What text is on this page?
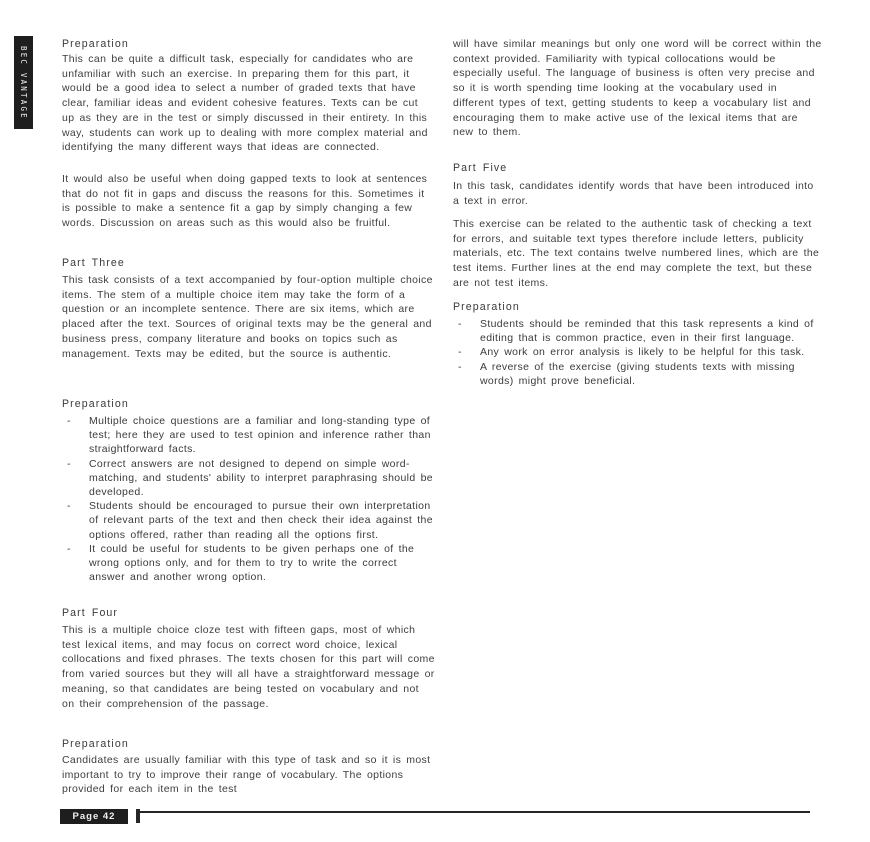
BEC VANTAGE
Preparation
This can be quite a difficult task, especially for candidates who are unfamiliar with such an exercise. In preparing them for this part, it would be a good idea to select a number of graded texts that have clear, familiar ideas and evident cohesive features. Texts can be cut up as they are in the test or simply discussed in their entirety. In this way, students can work up to dealing with more complex material and identifying the many different ways that ideas are connected.
It would also be useful when doing gapped texts to look at sentences that do not fit in gaps and discuss the reasons for this. Sometimes it is possible to make a sentence fit a gap by simply changing a few words. Discussion on areas such as this would also be fruitful.
Part Three
This task consists of a text accompanied by four-option multiple choice items. The stem of a multiple choice item may take the form of a question or an incomplete sentence. There are six items, which are placed after the text. Sources of original texts may be the general and business press, company literature and books on topics such as management. Texts may be edited, but the source is authentic.
Preparation
-	Multiple choice questions are a familiar and long-standing type of test; here they are used to test opinion and inference rather than straightforward facts.
-	Correct answers are not designed to depend on simple word-matching, and students' ability to interpret paraphrasing should be developed.
-	Students should be encouraged to pursue their own interpretation of relevant parts of the text and then check their idea against the options offered, rather than reading all the options first.
-	It could be useful for students to be given perhaps one of the wrong options only, and for them to try to write the correct answer and another wrong option.
Part Four
This is a multiple choice cloze test with fifteen gaps, most of which test lexical items, and may focus on correct word choice, lexical collocations and fixed phrases. The texts chosen for this part will come from varied sources but they will all have a straightforward message or meaning, so that candidates are being tested on vocabulary and not on their comprehension of the passage.
Preparation
Candidates are usually familiar with this type of task and so it is most important to try to improve their range of vocabulary. The options provided for each item in the test
will have similar meanings but only one word will be correct within the context provided. Familiarity with typical collocations would be especially useful. The language of business is often very precise and so it is worth spending time looking at the vocabulary used in different types of text, getting students to keep a vocabulary list and encouraging them to make active use of the lexical items that are new to them.
Part Five
In this task, candidates identify words that have been introduced into a text in error.
This exercise can be related to the authentic task of checking a text for errors, and suitable text types therefore include letters, publicity materials, etc. The text contains twelve numbered lines, which are the test items. Further lines at the end may complete the text, but these are not test items.
Preparation
-	Students should be reminded that this task represents a kind of editing that is common practice, even in their first language.
-	Any work on error analysis is likely to be helpful for this task.
-	A reverse of the exercise (giving students texts with missing words) might prove beneficial.
Page 42
